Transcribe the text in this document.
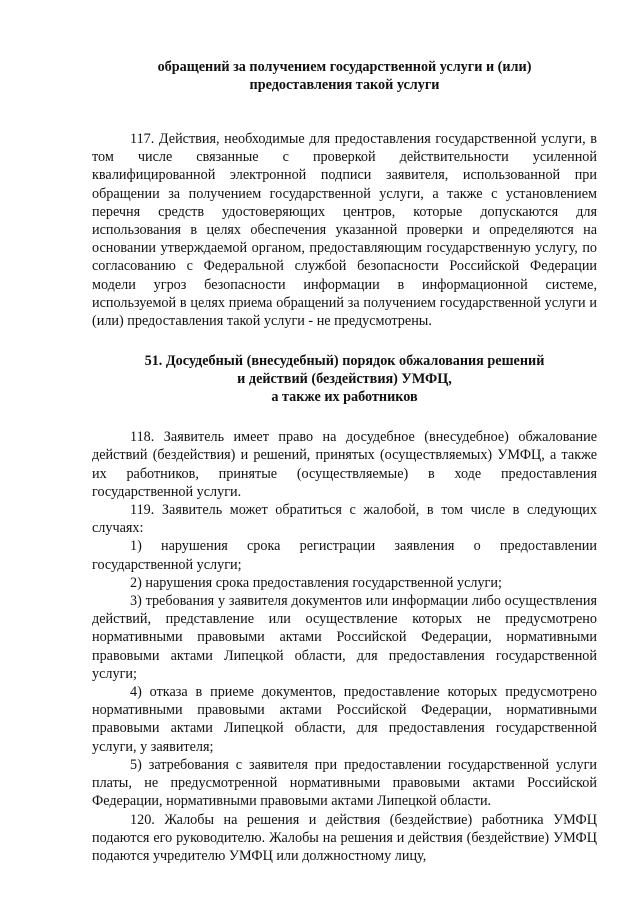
обращений за получением государственной услуги и (или)
предоставления такой услуги

117. Действия, необходимые для предоставления государственной услуги, в том числе связанные с проверкой действительности усиленной квалифицированной электронной подписи заявителя, использованной при обращении за получением государственной услуги, а также с установлением перечня средств удостоверяющих центров, которые допускаются для использования в целях обеспечения указанной проверки и определяются на основании утверждаемой органом, предоставляющим государственную услугу, по согласованию с Федеральной службой безопасности Российской Федерации модели угроз безопасности информации в информационной системе, используемой в целях приема обращений за получением государственной услуги и (или) предоставления такой услуги - не предусмотрены.

51. Досудебный (внесудебный) порядок обжалования решений
и действий (бездействия) УМФЦ,
а также их работников

118. Заявитель имеет право на досудебное (внесудебное) обжалование действий (бездействия) и решений, принятых (осуществляемых) УМФЦ, а также их работников, принятые (осуществляемые) в ходе предоставления государственной услуги.

119. Заявитель может обратиться с жалобой, в том числе в следующих случаях:

1) нарушения срока регистрации заявления о предоставлении государственной услуги;

2) нарушения срока предоставления государственной услуги;

3) требования у заявителя документов или информации либо осуществления действий, представление или осуществление которых не предусмотрено нормативными правовыми актами Российской Федерации, нормативными правовыми актами Липецкой области, для предоставления государственной услуги;

4) отказа в приеме документов, предоставление которых предусмотрено нормативными правовыми актами Российской Федерации, нормативными правовыми актами Липецкой области, для предоставления государственной услуги, у заявителя;

5) затребования с заявителя при предоставлении государственной услуги платы, не предусмотренной нормативными правовыми актами Российской Федерации, нормативными правовыми актами Липецкой области.

120. Жалобы на решения и действия (бездействие) работника УМФЦ подаются его руководителю. Жалобы на решения и действия (бездействие) УМФЦ подаются учредителю УМФЦ или должностному лицу,
